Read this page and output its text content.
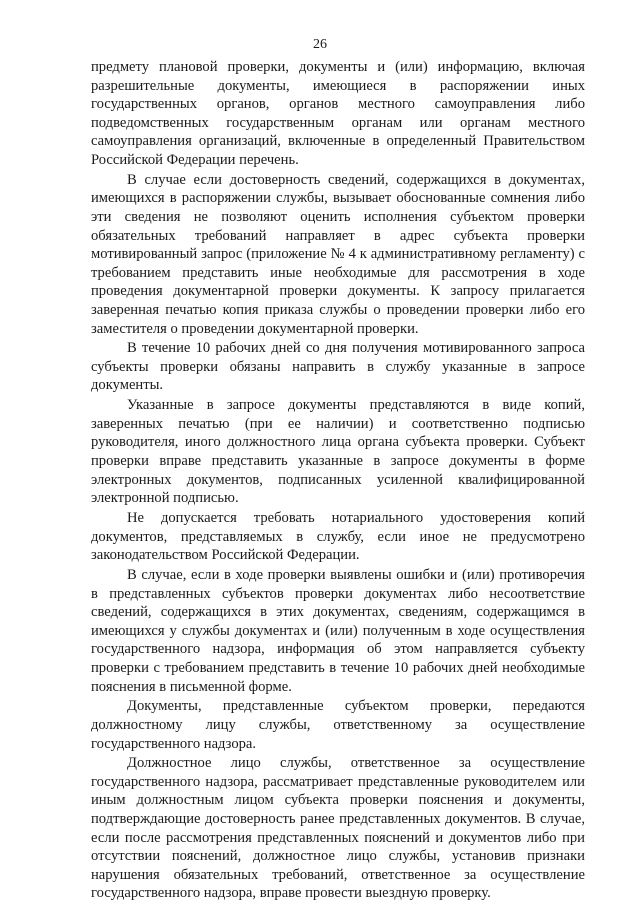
26

предмету плановой проверки, документы и (или) информацию, включая разрешительные документы, имеющиеся в распоряжении иных государственных органов, органов местного самоуправления либо подведомственных государственным органам или органам местного самоуправления организаций, включенные в определенный Правительством Российской Федерации перечень.

В случае если достоверность сведений, содержащихся в документах, имеющихся в распоряжении службы, вызывает обоснованные сомнения либо эти сведения не позволяют оценить исполнения субъектом проверки обязательных требований направляет в адрес субъекта проверки мотивированный запрос (приложение № 4 к административному регламенту) с требованием представить иные необходимые для рассмотрения в ходе проведения документарной проверки документы. К запросу прилагается заверенная печатью копия приказа службы о проведении проверки либо его заместителя о проведении документарной проверки.

В течение 10 рабочих дней со дня получения мотивированного запроса субъекты проверки обязаны направить в службу указанные в запросе документы.

Указанные в запросе документы представляются в виде копий, заверенных печатью (при ее наличии) и соответственно подписью руководителя, иного должностного лица органа субъекта проверки. Субъект проверки вправе представить указанные в запросе документы в форме электронных документов, подписанных усиленной квалифицированной электронной подписью.

Не допускается требовать нотариального удостоверения копий документов, представляемых в службу, если иное не предусмотрено законодательством Российской Федерации.

В случае, если в ходе проверки выявлены ошибки и (или) противоречия в представленных субъектов проверки документах либо несоответствие сведений, содержащихся в этих документах, сведениям, содержащимся в имеющихся у службы документах и (или) полученным в ходе осуществления государственного надзора, информация об этом направляется субъекту проверки с требованием представить в течение 10 рабочих дней необходимые пояснения в письменной форме.

Документы, представленные субъектом проверки, передаются должностному лицу службы, ответственному за осуществление государственного надзора.

Должностное лицо службы, ответственное за осуществление государственного надзора, рассматривает представленные руководителем или иным должностным лицом субъекта проверки пояснения и документы, подтверждающие достоверность ранее представленных документов. В случае, если после рассмотрения представленных пояснений и документов либо при отсутствии пояснений, должностное лицо службы, установив признаки нарушения обязательных требований, ответственное за осуществление государственного надзора, вправе провести выездную проверку.
